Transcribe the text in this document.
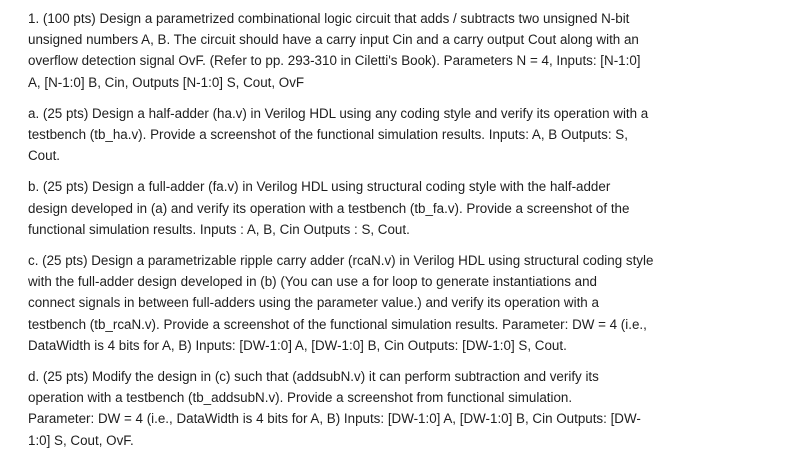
1. (100 pts) Design a parametrized combinational logic circuit that adds / subtracts two unsigned N-bit
unsigned numbers A, B. The circuit should have a carry input Cin and a carry output Cout along with an
overflow detection signal OvF. (Refer to pp. 293-310 in Ciletti's Book). Parameters N = 4, Inputs: [N-1:0]
A, [N-1:0] B, Cin, Outputs [N-1:0] S, Cout, OvF
a. (25 pts) Design a half-adder (ha.v) in Verilog HDL using any coding style and verify its operation with a
testbench (tb_ha.v). Provide a screenshot of the functional simulation results. Inputs: A, B Outputs: S,
Cout.
b. (25 pts) Design a full-adder (fa.v) in Verilog HDL using structural coding style with the half-adder
design developed in (a) and verify its operation with a testbench (tb_fa.v). Provide a screenshot of the
functional simulation results. Inputs : A, B, Cin Outputs : S, Cout.
c. (25 pts) Design a parametrizable ripple carry adder (rcaN.v) in Verilog HDL using structural coding style
with the full-adder design developed in (b) (You can use a for loop to generate instantiations and
connect signals in between full-adders using the parameter value.) and verify its operation with a
testbench (tb_rcaN.v). Provide a screenshot of the functional simulation results. Parameter: DW = 4 (i.e.,
DataWidth is 4 bits for A, B) Inputs: [DW-1:0] A, [DW-1:0] B, Cin Outputs: [DW-1:0] S, Cout.
d. (25 pts) Modify the design in (c) such that (addsubN.v) it can perform subtraction and verify its
operation with a testbench (tb_addsubN.v). Provide a screenshot from functional simulation.
Parameter: DW = 4 (i.e., DataWidth is 4 bits for A, B) Inputs: [DW-1:0] A, [DW-1:0] B, Cin Outputs: [DW-
1:0] S, Cout, OvF.
